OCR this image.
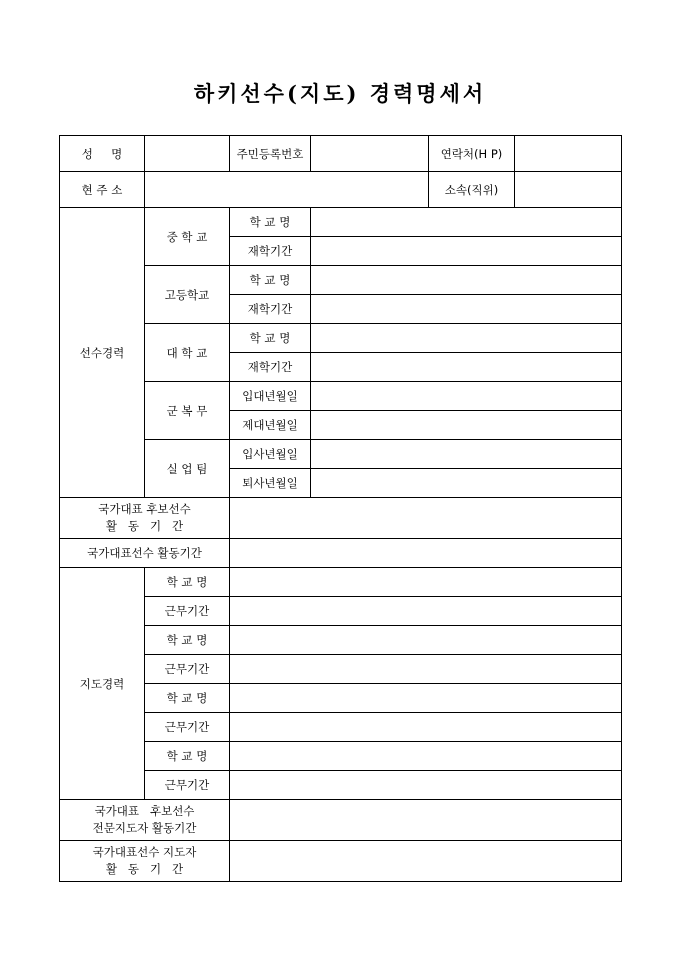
하키선수(지도) 경력명세서
성     명		주민등록번호		연락처(H P)	
현 주 소				소속(직위)	
선수경력	중 학 교	학 교 명			
		재학기간			
	고등학교	학 교 명			
		재학기간			
	대 학 교	학 교 명			
		재학기간			
	군 복 무	입대년월일			
		제대년월일			
	실 업 팀	입사년월일			
		퇴사년월일			

국가대표 후보선수
활   동   기   간					

국가대표선수 활동기간					
지도경력	학 교 명				
	근무기간				
	학 교 명				
	근무기간				
	학 교 명				
	근무기간				
	학 교 명				
	근무기간				

국가대표   후보선수
전문지도자 활동기간					

국가대표선수 지도자
활   동   기   간					
